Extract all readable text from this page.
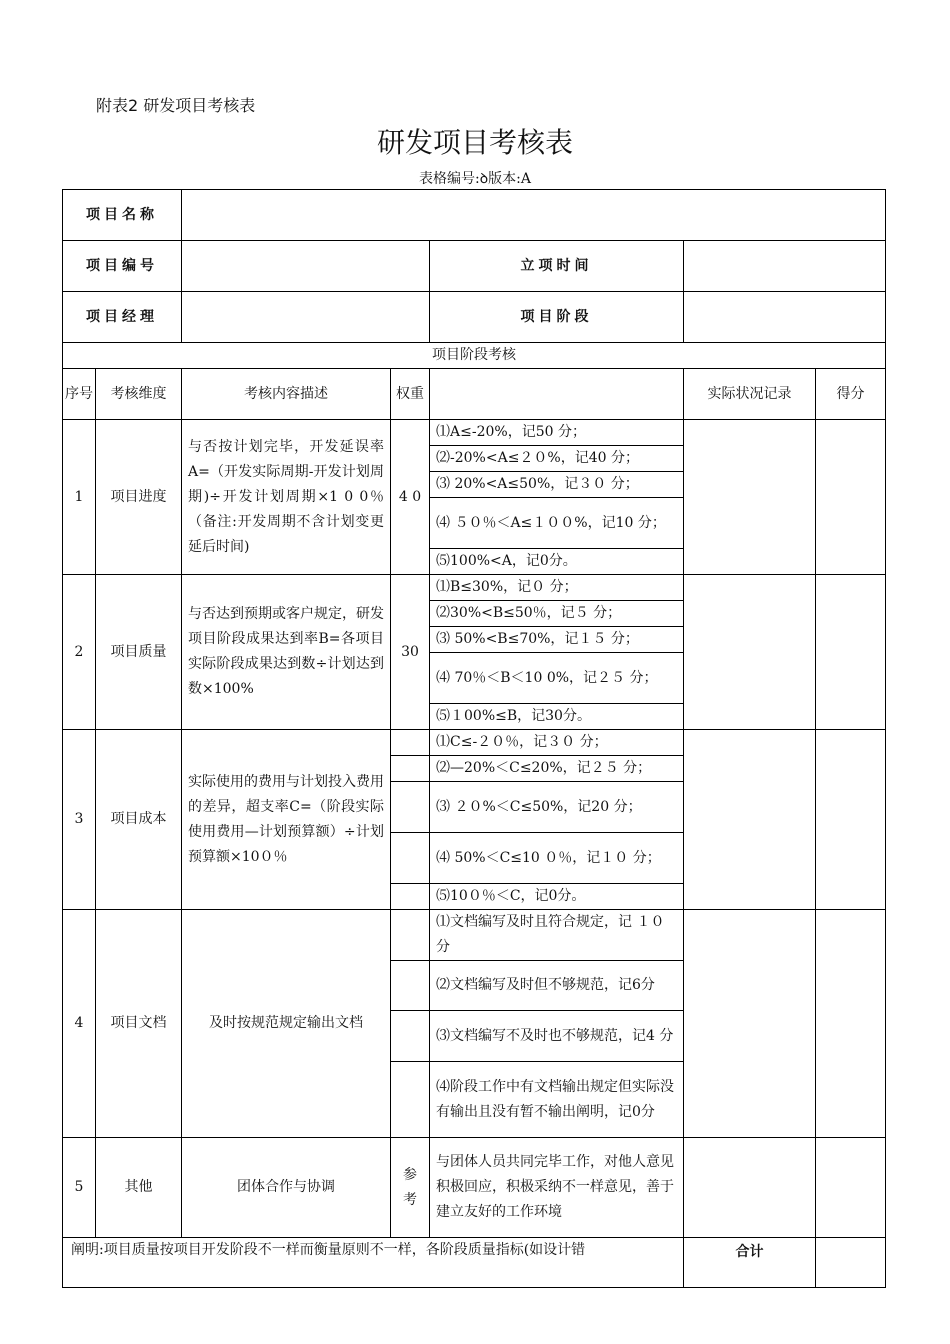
附表2 研发项目考核表
研发项目考核表
表格编号:ꝺ版本:A
项目名称						
项目编号				立项时间		
项目经理				项目阶段		
项目阶段考核						
序号	考核维度	考核内容描述	权重		实际状况记录	得分
1	项目进度	与否按计划完毕，开发延误率A=（开发实际周期-开发计划周期)÷开发计划周期×1 0 0％（备注:开发周期不含计划变更延后时间)	4 0	⑴A≤-20%，记50 分；		
				⑵-20%<A≤２０%，记40 分；		
				⑶ 20%<A≤50%，记３０ 分；		
				⑷ ５０％＜A≤１００%，记10 分；		
				⑸100%<A，记0分。		
2	项目质量	与否达到预期或客户规定，研发项目阶段成果达到率B=各项目实际阶段成果达到数÷计划达到数×100%	30	⑴B≤30%，记０ 分；		
				⑵30%<B≤50％，记５ 分；		
				⑶ 50%<B≤70%，记１５ 分；		
				⑷ 70％＜B＜10 0%，记２５ 分；		
				⑸１00%≤B，记30分。		
3	项目成本	实际使用的费用与计划投入费用的差异，超支率C=（阶段实际使用费用—计划预算额）÷计划预算额×10０％		⑴C≤-２０％，记３０ 分；		
				⑵—20%＜C≤20%，记２５ 分；		
				⑶ ２０%＜C≤50%，记20 分；		
				⑷ 50%＜C≤10 ０％，记１０ 分；		
				⑸10０％＜C，记0分。		
4	项目文档	及时按规范规定输出文档		⑴文档编写及时且符合规定，记 １０ 分		
				⑵文档编写及时但不够规范，记6分		
				⑶文档编写不及时也不够规范，记4 分		
				⑷阶段工作中有文档输出规定但实际没有输出且没有暂不输出阐明，记0分		
5	其他	团体合作与协调	参考	与团体人员共同完毕工作，对他人意见积极回应，积极采纳不一样意见，善于建立友好的工作环境		
阐明:项目质量按项目开发阶段不一样而衡量原则不一样，各阶段质量指标(如设计错					合计	
